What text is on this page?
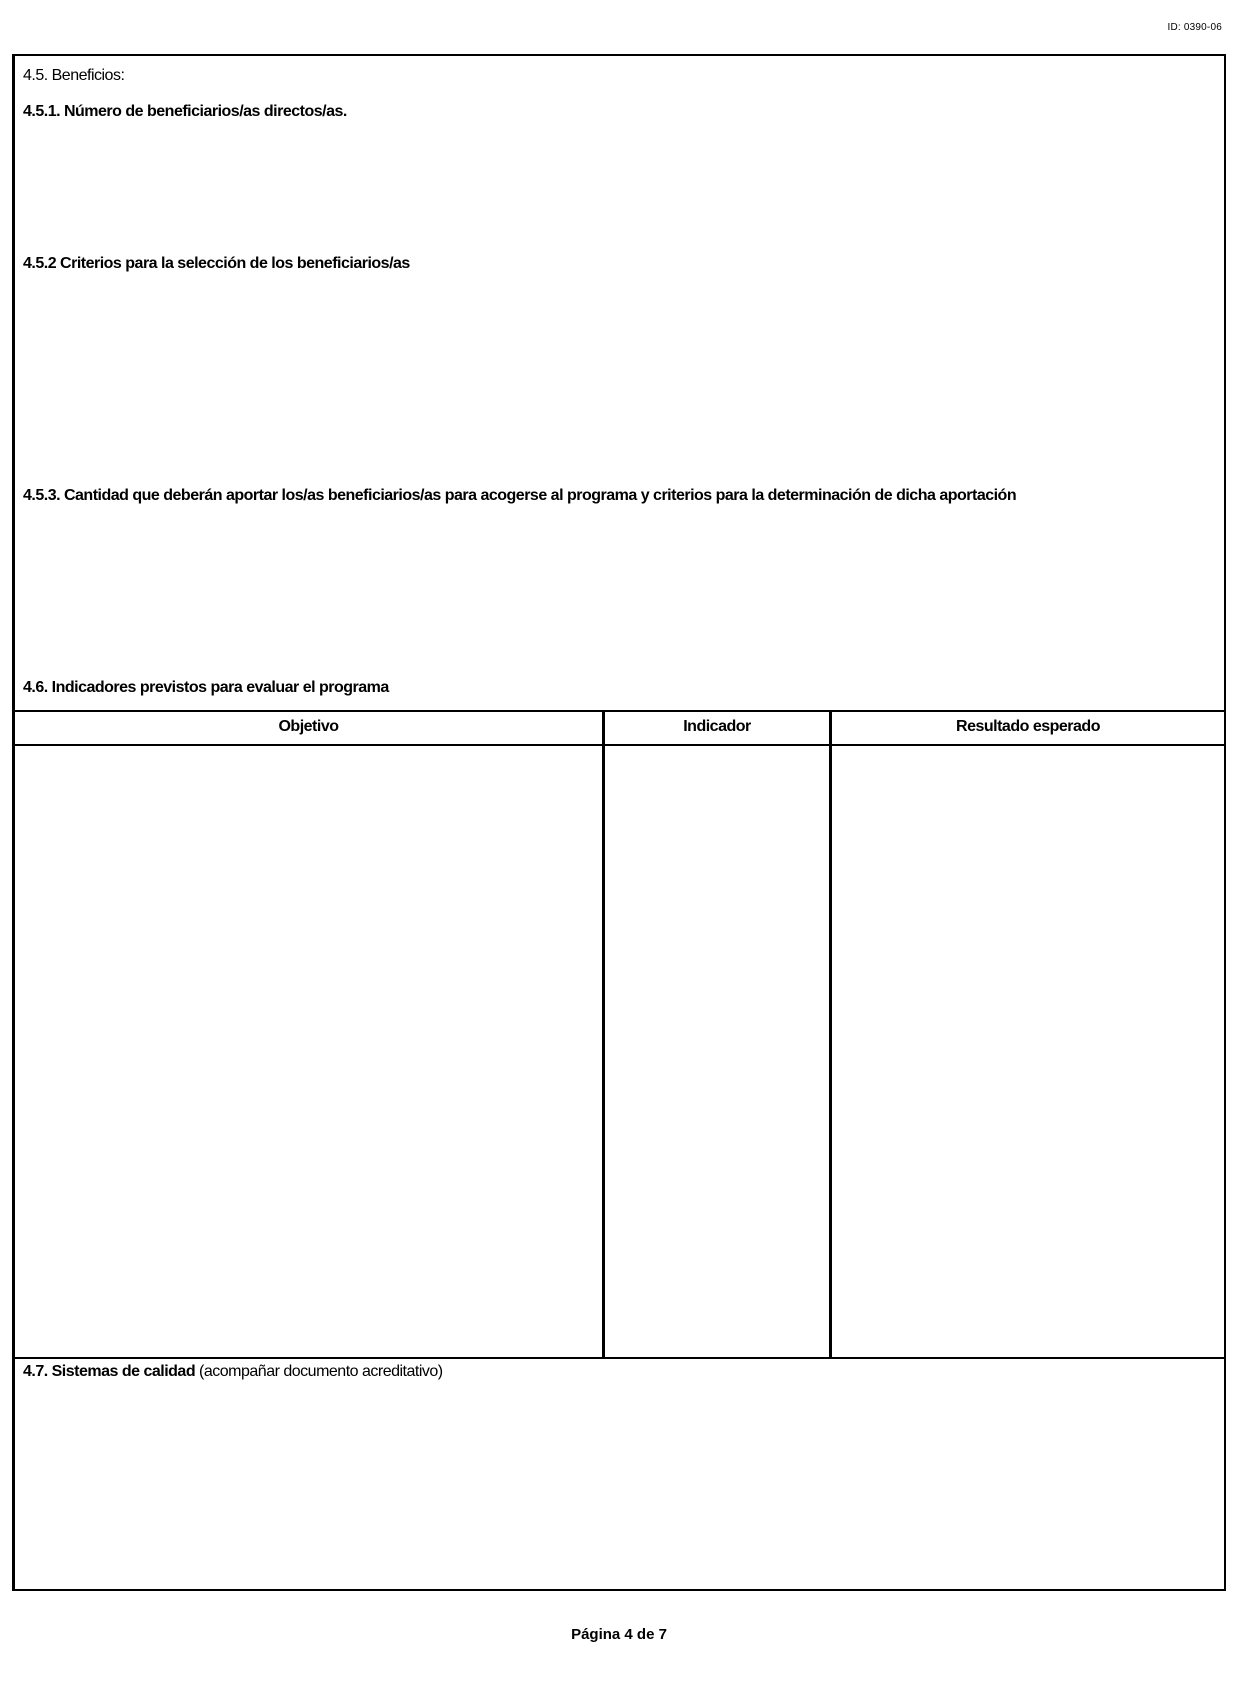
ID: 0390-06
4.5. Beneficios:
4.5.1. Número de beneficiarios/as directos/as.
4.5.2 Criterios para la selección de los beneficiarios/as
4.5.3. Cantidad que deberán aportar los/as beneficiarios/as para acogerse al programa y criterios para la determinación de dicha aportación
4.6. Indicadores previstos para evaluar el programa
Objetivo	Indicador	Resultado esperado
4.7. Sistemas de calidad (acompañar documento acreditativo)
Página 4 de 7
